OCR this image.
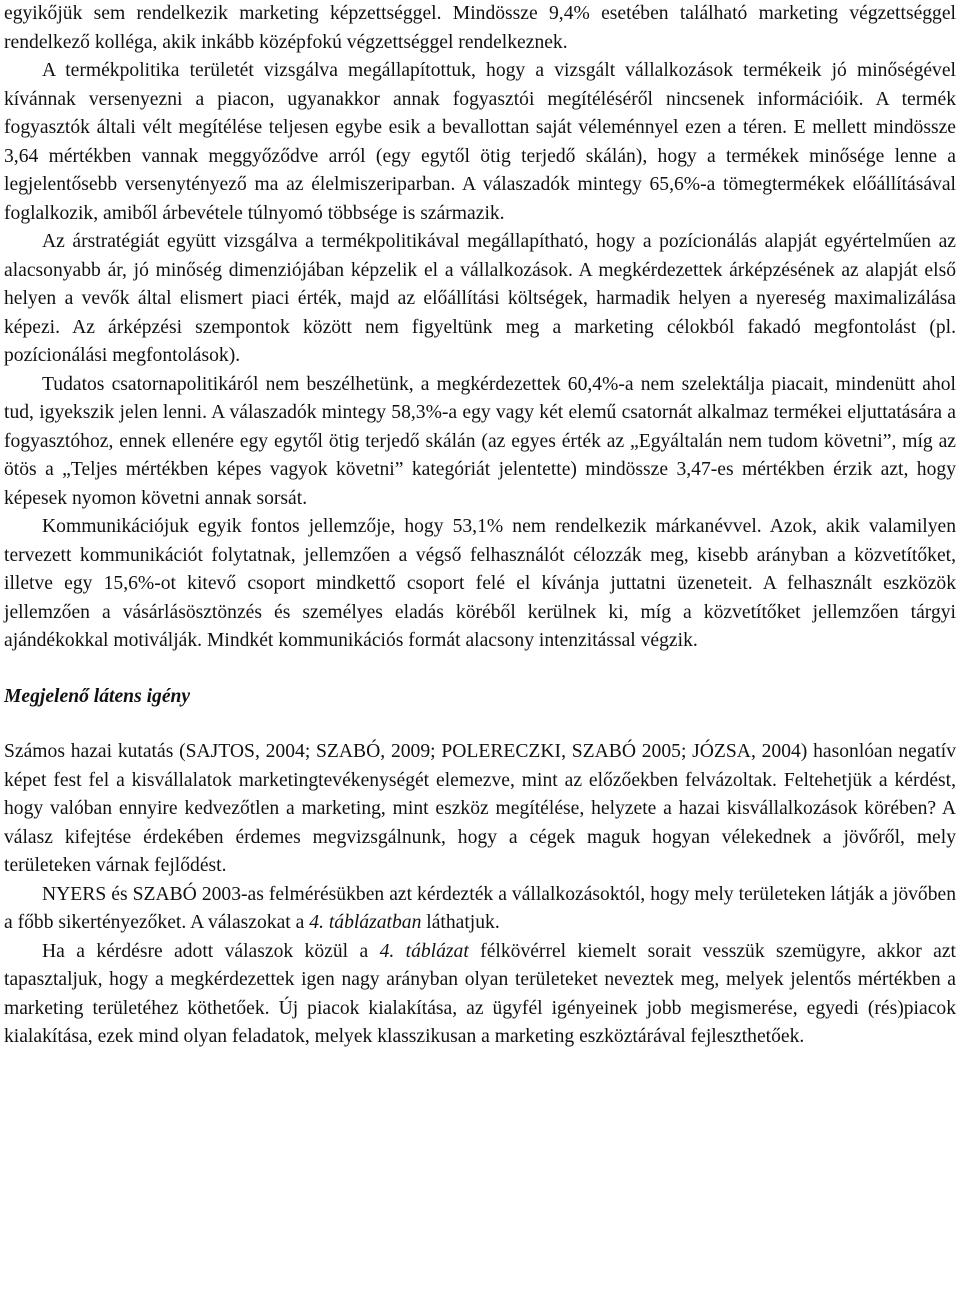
egyikőjük sem rendelkezik marketing képzettséggel. Mindössze 9,4% esetében található marketing végzettséggel rendelkező kolléga, akik inkább középfokú végzettséggel rendelkeznek.

A termékpolitika területét vizsgálva megállapítottuk, hogy a vizsgált vállalkozások termékeik jó minőségével kívánnak versenyezni a piacon, ugyanakkor annak fogyasztói megítéléséről nincsenek információik. A termék fogyasztók általi vélt megítélése teljesen egybe esik a bevallottan saját véleménnyel ezen a téren. E mellett mindössze 3,64 mértékben vannak meggyőződve arról (egy egytől ötig terjedő skálán), hogy a termékek minősége lenne a legjelentősebb versenytényező ma az élelmiszeriparban. A válaszadók mintegy 65,6%-a tömegtermékek előállításával foglalkozik, amiből árbevétele túlnyomó többsége is származik.

Az árstratégiát együtt vizsgálva a termékpolitikával megállapítható, hogy a pozícionálás alapját egyértelműen az alacsonyabb ár, jó minőség dimenziójában képzelik el a vállalkozások. A megkérdezettek árképzésének az alapját első helyen a vevők által elismert piaci érték, majd az előállítási költségek, harmadik helyen a nyereség maximalizálása képezi. Az árképzési szempontok között nem figyeltünk meg a marketing célokból fakadó megfontolást (pl. pozícionálási megfontolások).

Tudatos csatornapolitikáról nem beszélhetünk, a megkérdezettek 60,4%-a nem szelektálja piacait, mindenütt ahol tud, igyekszik jelen lenni. A válaszadók mintegy 58,3%-a egy vagy két elemű csatornát alkalmaz termékei eljuttatására a fogyasztóhoz, ennek ellenére egy egytől ötig terjedő skálán (az egyes érték az „Egyáltalán nem tudom követni”, míg az ötös a „Teljes mértékben képes vagyok követni” kategóriát jelentette) mindössze 3,47-es mértékben érzik azt, hogy képesek nyomon követni annak sorsát.

Kommunikációjuk egyik fontos jellemzője, hogy 53,1% nem rendelkezik márkanévvel. Azok, akik valamilyen tervezett kommunikációt folytatnak, jellemzően a végső felhasználót célozzák meg, kisebb arányban a közvetítőket, illetve egy 15,6%-ot kitevő csoport mindkettő csoport felé el kívánja juttatni üzeneteit. A felhasznált eszközök jellemzően a vásárlásösztönzés és személyes eladás köréből kerülnek ki, míg a közvetítőket jellemzően tárgyi ajándékokkal motiválják. Mindkét kommunikációs formát alacsony intenzitással végzik.

Megjelenő látens igény

Számos hazai kutatás (SAJTOS, 2004; SZABÓ, 2009; POLERECZKI, SZABÓ 2005; JÓZSA, 2004) hasonlóan negatív képet fest fel a kisvállalatok marketingtevékenységét elemezve, mint az előzőekben felvázoltak. Feltehetjük a kérdést, hogy valóban ennyire kedvezőtlen a marketing, mint eszköz megítélése, helyzete a hazai kisvállalkozások körében? A válasz kifejtése érdekében érdemes megvizsgálnunk, hogy a cégek maguk hogyan vélekednek a jövőről, mely területeken várnak fejlődést.

NYERS és SZABÓ 2003-as felmérésükben azt kérdezték a vállalkozásoktól, hogy mely területeken látják a jövőben a főbb sikertényezőket. A válaszokat a 4. táblázatban láthatjuk.

Ha a kérdésre adott válaszok közül a 4. táblázat félkövérrel kiemelt sorait vesszük szemügyre, akkor azt tapasztaljuk, hogy a megkérdezettek igen nagy arányban olyan területeket neveztek meg, melyek jelentős mértékben a marketing területéhez köthetőek. Új piacok kialakítása, az ügyfél igényeinek jobb megismerése, egyedi (rés)piacok kialakítása, ezek mind olyan feladatok, melyek klasszikusan a marketing eszköztárával fejleszthetőek.
